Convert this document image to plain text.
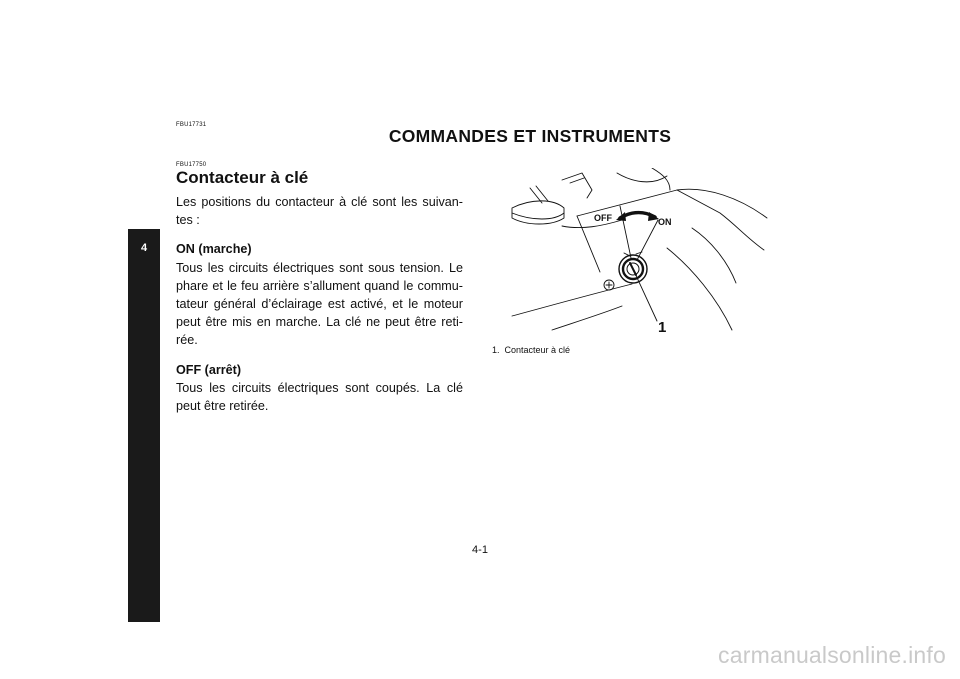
4
FBU17731
COMMANDES ET INSTRUMENTS
FBU17750
Contacteur à clé

Les positions du contacteur à clé sont les suivan-tes :

ON (marche)

Tous les circuits électriques sont sous tension. Le phare et le feu arrière s’allument quand le commu-tateur général d’éclairage est activé, et le moteur peut être mis en marche. La clé ne peut être reti-rée.

OFF (arrêt)

Tous les circuits électriques sont coupés. La clé peut être retirée.

OFF	ON
1
1. Contacteur à clé
4-1
carmanualsonline.info
